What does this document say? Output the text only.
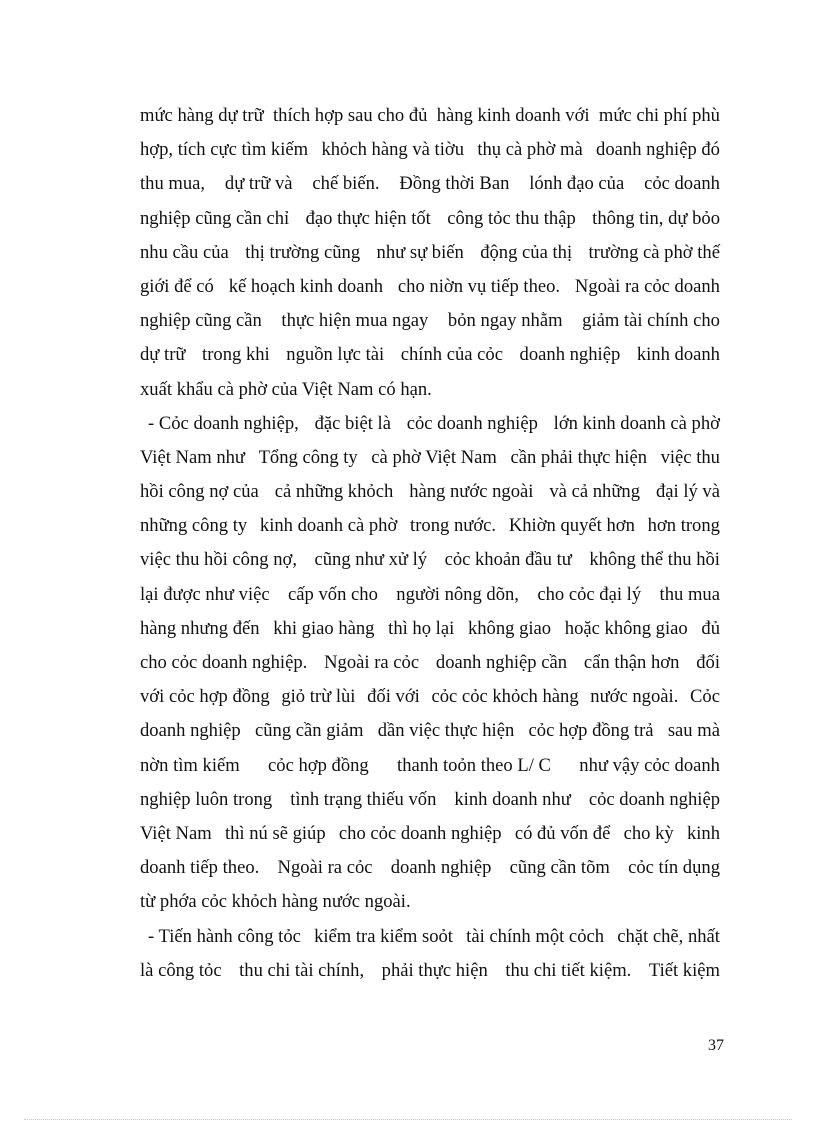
mức hàng dự trữ thích hợp sau cho đủ hàng kinh doanh với mức chi phí phù
hợp, tích cực tìm kiếm khỏch hàng và tiờu thụ cà phờ mà doanh nghiệp đó
thu mua, dự trữ và chế biến. Đồng thời Ban lónh đạo của cỏc doanh
nghiệp cũng cần chỉ đạo thực hiện tốt công tỏc thu thập thông tin, dự bỏo
nhu cầu của thị trường cũng như sự biến động của thị trường cà phờ thế
giới để có kế hoạch kinh doanh cho niờn vụ tiếp theo. Ngoài ra cỏc doanh
nghiệp cũng cần thực hiện mua ngay bỏn ngay nhằm giảm tài chính cho
dự trữ trong khi nguồn lực tài chính của cỏc doanh nghiệp kinh doanh
xuất khẩu cà phờ của Việt Nam có hạn.
- Cỏc doanh nghiệp, đặc biệt là cỏc doanh nghiệp lớn kinh doanh cà phờ
Việt Nam như Tổng công ty cà phờ Việt Nam cần phải thực hiện việc thu
hồi công nợ của cả những khỏch hàng nước ngoài và cả những đại lý và
những công ty kinh doanh cà phờ trong nước. Khiờn quyết hơn hơn trong
việc thu hồi công nợ, cũng như xử lý cỏc khoản đầu tư không thể thu hồi
lại được như việc cấp vốn cho người nông dõn, cho cỏc đại lý thu mua
hàng nhưng đến khi giao hàng thì họ lại không giao hoặc không giao đủ
cho cỏc doanh nghiệp. Ngoài ra cỏc doanh nghiệp cần cẩn thận hơn đối
với cỏc hợp đồng giỏ trừ lùi đối với cỏc cỏc khỏch hàng nước ngoài. Cỏc
doanh nghiệp cũng cần giảm dần việc thực hiện cỏc hợp đồng trả sau mà
nờn tìm kiếm cỏc hợp đồng thanh toỏn theo L/ C như vậy cỏc doanh
nghiệp luôn trong tình trạng thiếu vốn kinh doanh như cỏc doanh nghiệp
Việt Nam thì nú sẽ giúp cho cỏc doanh nghiệp có đủ vốn để cho kỳ kinh
doanh tiếp theo. Ngoài ra cỏc doanh nghiệp cũng cần tõm cỏc tín dụng
từ phớa cỏc khỏch hàng nước ngoài.
- Tiến hành công tỏc kiểm tra kiểm soỏt tài chính một cỏch chặt chẽ, nhất
là công tỏc thu chi tài chính, phải thực hiện thu chi tiết kiệm. Tiết kiệm
37
